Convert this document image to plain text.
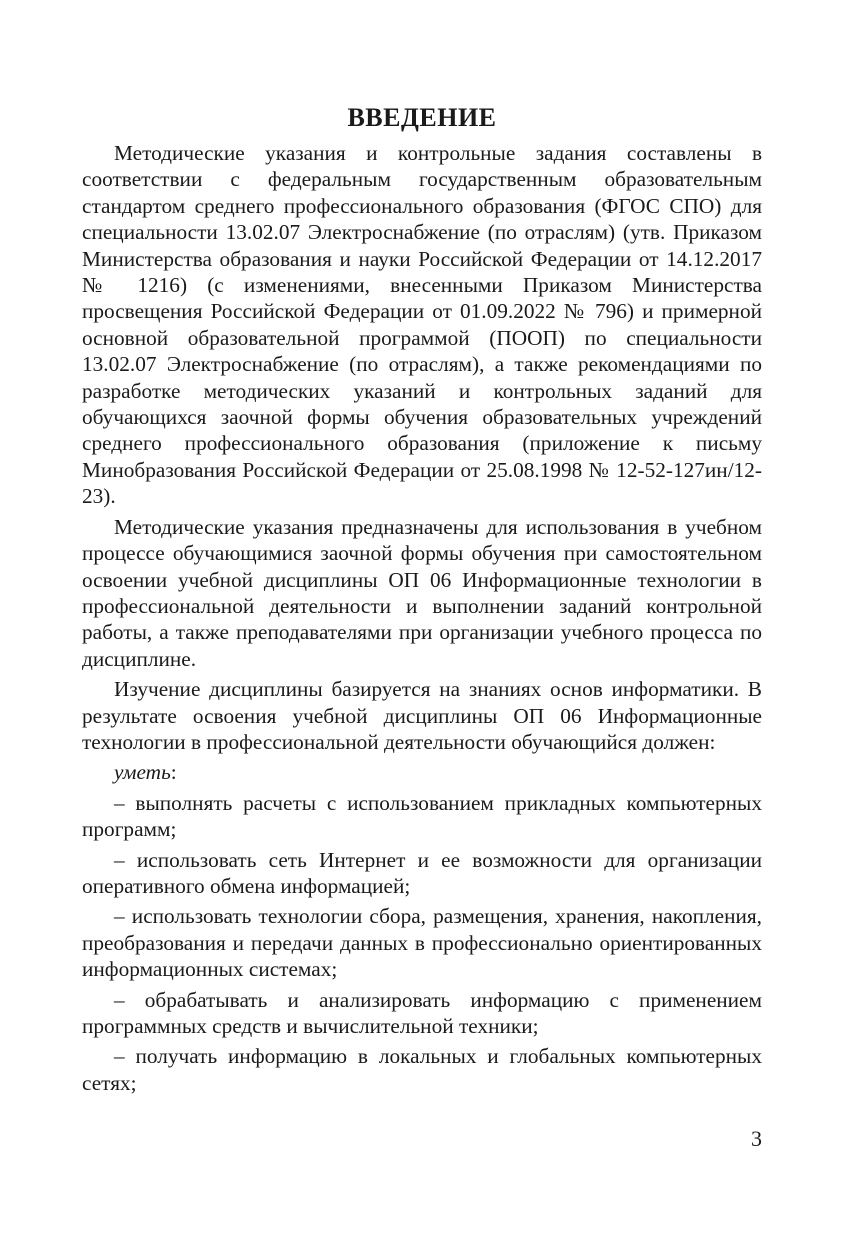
ВВЕДЕНИЕ

Методические указания и контрольные задания составлены в соответствии с федеральным государственным образовательным стандартом среднего профессионального образования (ФГОС СПО) для специальности 13.02.07 Электроснабжение (по отраслям) (утв. Приказом Министерства образования и науки Российской Федерации от 14.12.2017 № 1216) (с изменениями, внесенными Приказом Министерства просвещения Российской Федерации от 01.09.2022 № 796) и примерной основной образовательной программой (ПООП) по специальности 13.02.07 Электроснабжение (по отраслям), а также рекомендациями по разработке методических указаний и контрольных заданий для обучающихся заочной формы обучения образовательных учреждений среднего профессионального образования (приложение к письму Минобразования Российской Федерации от 25.08.1998 № 12-52-127ин/12-23).

Методические указания предназначены для использования в учебном процессе обучающимися заочной формы обучения при самостоятельном освоении учебной дисциплины ОП 06 Информационные технологии в профессиональной деятельности и выполнении заданий контрольной работы, а также преподавателями при организации учебного процесса по дисциплине.

Изучение дисциплины базируется на знаниях основ информатики. В результате освоения учебной дисциплины ОП 06 Информационные технологии в профессиональной деятельности обучающийся должен:

уметь:

– выполнять расчеты с использованием прикладных компьютерных программ;

– использовать сеть Интернет и ее возможности для организации оперативного обмена информацией;

– использовать технологии сбора, размещения, хранения, накопления, преобразования и передачи данных в профессионально ориентированных информационных системах;

– обрабатывать и анализировать информацию с применением программных средств и вычислительной техники;

– получать информацию в локальных и глобальных компьютерных сетях;

3
